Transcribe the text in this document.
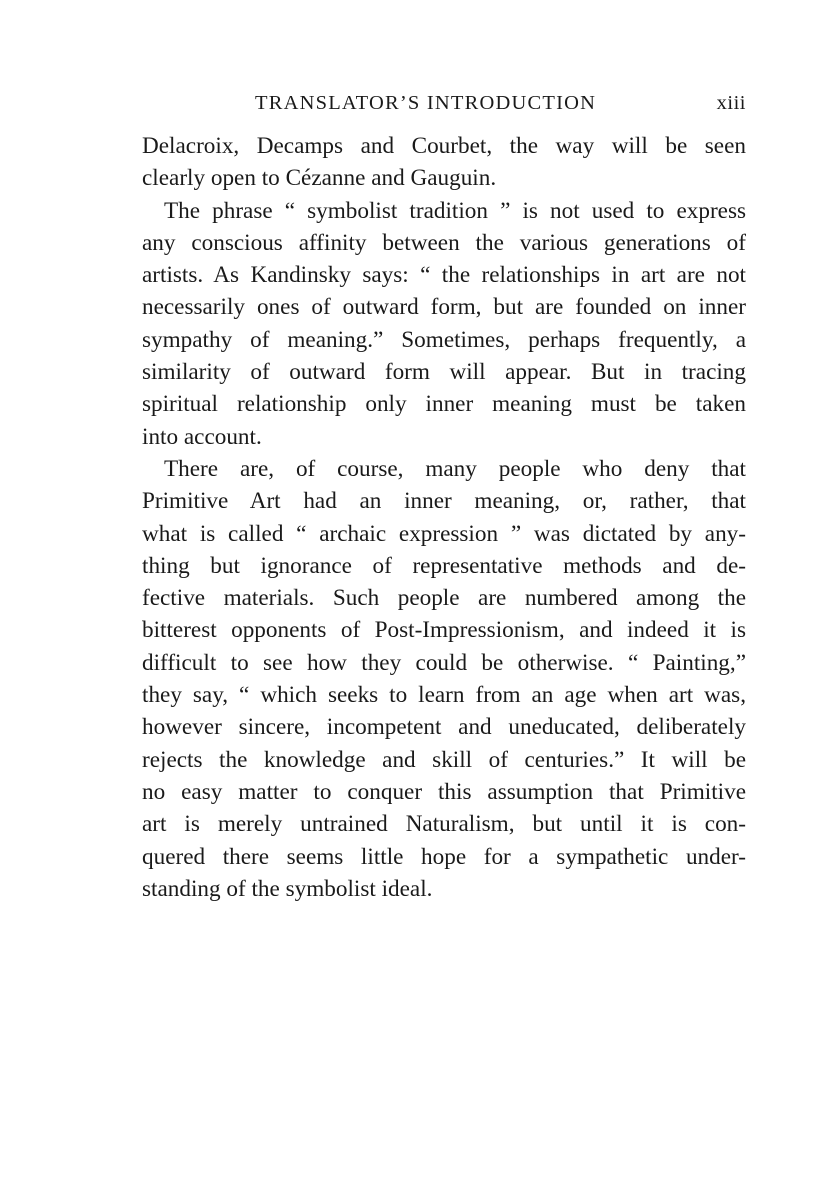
TRANSLATOR’S INTRODUCTION	xiii
Delacroix, Decamps and Courbet, the way will be seen
clearly open to Cézanne and Gauguin.
The phrase “ symbolist tradition ” is not used to express
any conscious affinity between the various generations of
artists. As Kandinsky says: “ the relationships in art are not
necessarily ones of outward form, but are founded on inner
sympathy of meaning.” Sometimes, perhaps frequently, a
similarity of outward form will appear. But in tracing
spiritual relationship only inner meaning must be taken
into account.
There are, of course, many people who deny that
Primitive Art had an inner meaning, or, rather, that
what is called “ archaic expression ” was dictated by any-
thing but ignorance of representative methods and de-
fective materials. Such people are numbered among the
bitterest opponents of Post-Impressionism, and indeed it is
difficult to see how they could be otherwise. “ Painting,”
they say, “ which seeks to learn from an age when art was,
however sincere, incompetent and uneducated, deliberately
rejects the knowledge and skill of centuries.” It will be
no easy matter to conquer this assumption that Primitive
art is merely untrained Naturalism, but until it is con-
quered there seems little hope for a sympathetic under-
standing of the symbolist ideal.
